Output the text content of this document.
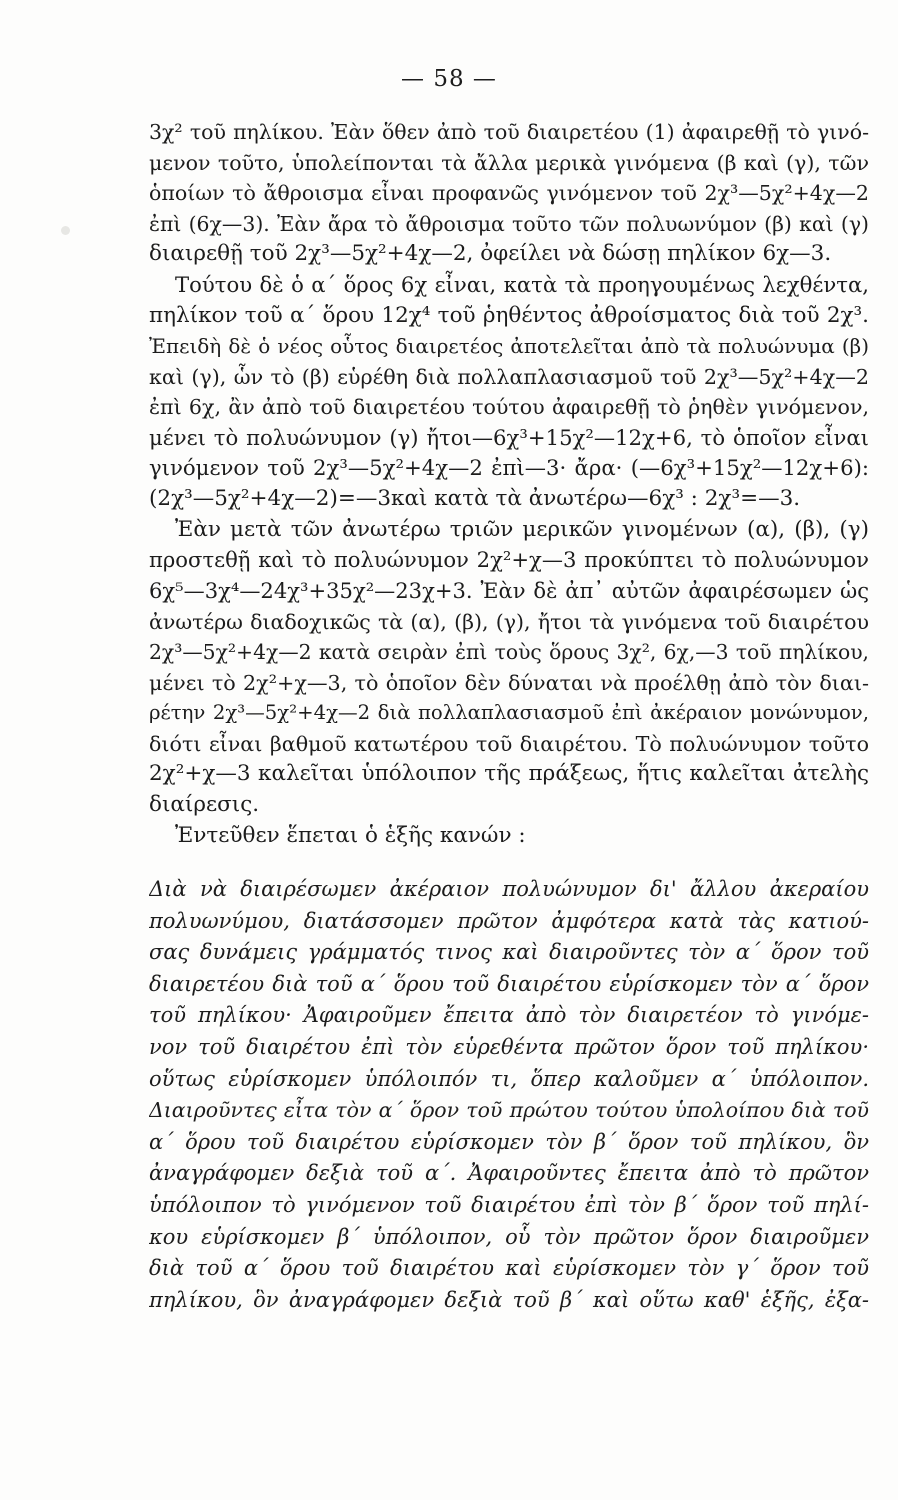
— 58 —
3χ² τοῦ πηλίκου. Ἐὰν ὅθεν ἀπὸ τοῦ διαιρετέου (1) ἀφαιρεθῇ τὸ γινό-
μενον τοῦτο, ὑπολείπονται τὰ ἄλλα μερικὰ γινόμενα (β καὶ (γ), τῶν
ὁποίων τὸ ἄθροισμα εἶναι προφανῶς γινόμενον τοῦ 2χ³—5χ²+4χ—2
ἐπὶ (6χ—3). Ἐὰν ἄρα τὸ ἄθροισμα τοῦτο τῶν πολυωνύμον (β) καὶ (γ)
διαιρεθῇ τοῦ 2χ³—5χ²+4χ—2, ὀφείλει νὰ δώσῃ πηλίκον 6χ—3.
Τούτου δὲ ὁ α΄ ὅρος 6χ εἶναι, κατὰ τὰ προηγουμένως λεχθέντα,
πηλίκον τοῦ α΄ ὅρου 12χ⁴ τοῦ ῥηθέντος ἀθροίσματος διὰ τοῦ 2χ³.
Ἐπειδὴ δὲ ὁ νέος οὗτος διαιρετέος ἀποτελεῖται ἀπὸ τὰ πολυώνυμα (β)
καὶ (γ), ὧν τὸ (β) εὑρέθη διὰ πολλαπλασιασμοῦ τοῦ 2χ³—5χ²+4χ—2
ἐπὶ 6χ, ἂν ἀπὸ τοῦ διαιρετέου τούτου ἀφαιρεθῇ τὸ ῥηθὲν γινόμενον,
μένει τὸ πολυώνυμον (γ) ἤτοι—6χ³+15χ²—12χ+6, τὸ ὁποῖον εἶναι
γινόμενον τοῦ 2χ³—5χ²+4χ—2 ἐπὶ—3· ἄρα· (—6χ³+15χ²—12χ+6):
(2χ³—5χ²+4χ—2)=—3καὶ κατὰ τὰ ἀνωτέρω—6χ³ : 2χ³=—3.
Ἐὰν μετὰ τῶν ἀνωτέρω τριῶν μερικῶν γινομένων (α), (β), (γ)
προστεθῇ καὶ τὸ πολυώνυμον 2χ²+χ—3 προκύπτει τὸ πολυώνυμον
6χ⁵—3χ⁴—24χ³+35χ²—23χ+3. Ἐὰν δὲ ἀπ᾿ αὐτῶν ἀφαιρέσωμεν ὡς
ἀνωτέρω διαδοχικῶς τὰ (α), (β), (γ), ἤτοι τὰ γινόμενα τοῦ διαιρέτου
2χ³—5χ²+4χ—2 κατὰ σειρὰν ἐπὶ τοὺς ὅρους 3χ², 6χ,—3 τοῦ πηλίκου,
μένει τὸ 2χ²+χ—3, τὸ ὁποῖον δὲν δύναται νὰ προέλθῃ ἀπὸ τὸν διαι-
ρέτην 2χ³—5χ²+4χ—2 διὰ πολλαπλασιασμοῦ ἐπὶ ἀκέραιον μονώνυμον,
διότι εἶναι βαθμοῦ κατωτέρου τοῦ διαιρέτου. Τὸ πολυώνυμον τοῦτο
2χ²+χ—3 καλεῖται ὑπόλοιπον τῆς πράξεως, ἥτις καλεῖται ἀτελὴς
διαίρεσις.
Ἐντεῦθεν ἕπεται ὁ ἑξῆς κανών :
Διὰ νὰ διαιρέσωμεν ἀκέραιον πολυώνυμον δι' ἄλλου ἀκεραίου
πολυωνύμου, διατάσσομεν πρῶτον ἀμφότερα κατὰ τὰς κατιού-
σας δυνάμεις γράμματός τινος καὶ διαιροῦντες τὸν α΄ ὅρον τοῦ
διαιρετέου διὰ τοῦ α΄ ὅρου τοῦ διαιρέτου εὑρίσκομεν τὸν α΄ ὅρον
τοῦ πηλίκου· Ἀφαιροῦμεν ἔπειτα ἀπὸ τὸν διαιρετέον τὸ γινόμε-
νον τοῦ διαιρέτου ἐπὶ τὸν εὑρεθέντα πρῶτον ὅρον τοῦ πηλίκου·
οὕτως εὑρίσκομεν ὑπόλοιπόν τι, ὅπερ καλοῦμεν α΄ ὑπόλοιπον.
Διαιροῦντες εἶτα τὸν α΄ ὅρον τοῦ πρώτου τούτου ὑπολοίπου διὰ τοῦ
α΄ ὅρου τοῦ διαιρέτου εὑρίσκομεν τὸν β΄ ὅρον τοῦ πηλίκου, ὃν
ἀναγράφομεν δεξιὰ τοῦ α΄. Ἀφαιροῦντες ἔπειτα ἀπὸ τὸ πρῶτον
ὑπόλοιπον τὸ γινόμενον τοῦ διαιρέτου ἐπὶ τὸν β΄ ὅρον τοῦ πηλί-
κου εὑρίσκομεν β΄ ὑπόλοιπον, οὗ τὸν πρῶτον ὅρον διαιροῦμεν
διὰ τοῦ α΄ ὅρου τοῦ διαιρέτου καὶ εὑρίσκομεν τὸν γ΄ ὅρον τοῦ
πηλίκου, ὃν ἀναγράφομεν δεξιὰ τοῦ β΄ καὶ οὕτω καθ' ἑξῆς, ἐξα-
